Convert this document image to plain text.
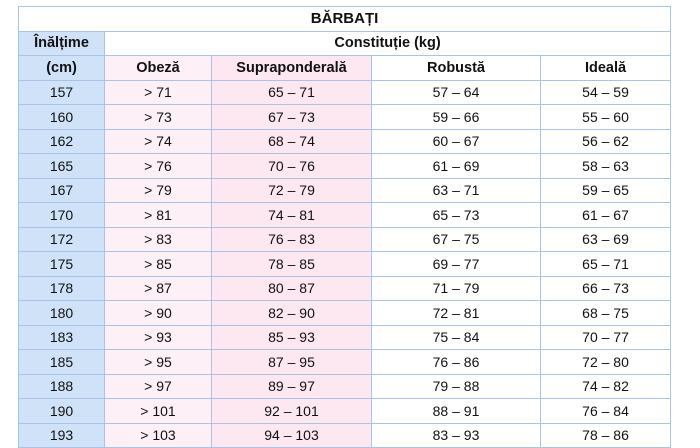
BĂRBAȚI				
Înălțime	Constituție (kg)			
(cm)	Obeză	Supraponderală	Robustă	Ideală
157	> 71	65 – 71	57 – 64	54 – 59
160	> 73	67 – 73	59 – 66	55 – 60
162	> 74	68 – 74	60 – 67	56 – 62
165	> 76	70 – 76	61 – 69	58 – 63
167	> 79	72 – 79	63 – 71	59 – 65
170	> 81	74 – 81	65 – 73	61 – 67
172	> 83	76 – 83	67 – 75	63 – 69
175	> 85	78 – 85	69 – 77	65 – 71
178	> 87	80 – 87	71 – 79	66 – 73
180	> 90	82 – 90	72 – 81	68 – 75
183	> 93	85 – 93	75 – 84	70 – 77
185	> 95	87 – 95	76 – 86	72 – 80
188	> 97	89 – 97	79 – 88	74 – 82
190	> 101	92 – 101	88 – 91	76 – 84
193	> 103	94 – 103	83 – 93	78 – 86
